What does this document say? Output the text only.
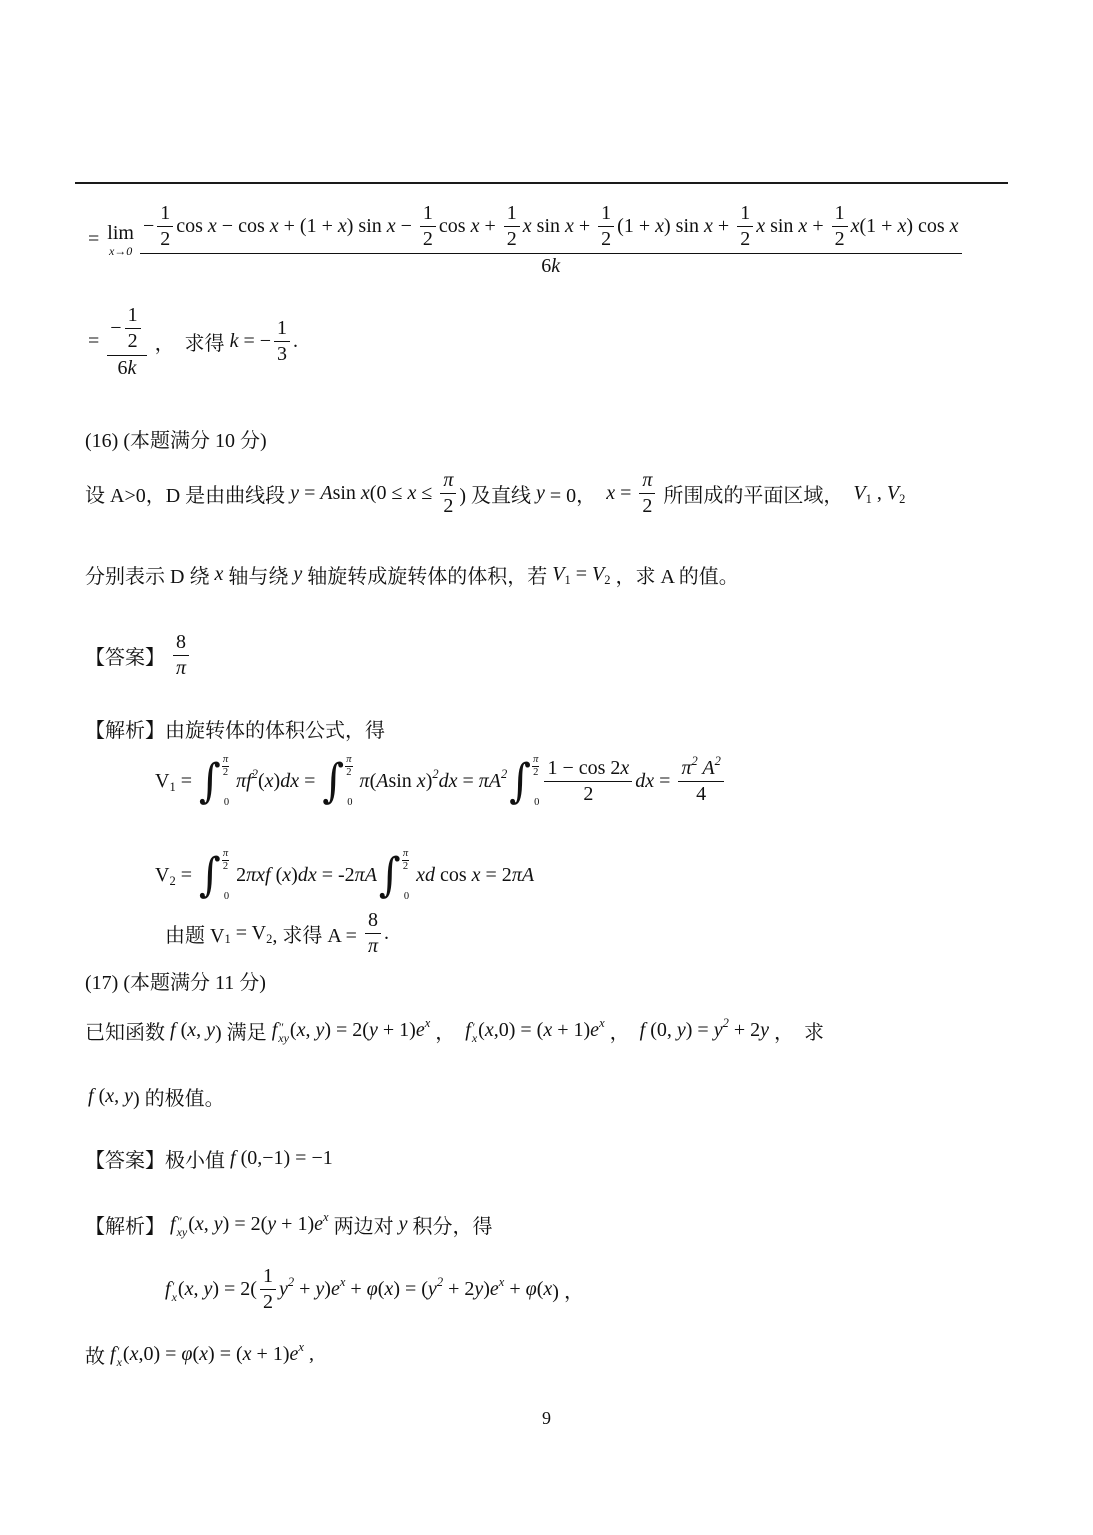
= lim
x→0
− $\frac{1}{2}$ cos x − cos x + (1 + x ) $\sin x - \frac{1}{2}$ $\cos x + \frac{1}{2}$ x $\sin x + \frac{1}{2} (1 + x$ ) $\sin x + \frac{1}{2}$ x $\sin x + \frac{1}{2}$ x (1 + x ) cos x
6 k
= $\frac{- \frac{1}{2}}{6 k}$ ，  求得 k = − $\frac{1}{3}$ .
(16) (本题满分 10 分)
设 A>0，D 是由曲线段 y = A sin x ($0 \le x \le \frac{\pi}{2}$ ) 及直线 y = 0， $x = \frac{\pi}{2}$ 所围成的平面区域， V 1 , V 2
分别表示 D 绕 x 轴与绕 y 轴旋转成旋转体的体积，若 V 1 = V 2 ，求 A 的值。
【答案】 $\frac{8}{\pi}$
【解析】由旋转体的体积公式，得
V 1 = ∫ $\frac{\pi}{2}$
0
πf 2 ( x ) dx = ∫ $\frac{\pi}{2}$
0
π ( A sin x ) 2 dx = πA 2 ∫ $\frac{\pi}{2}$
$0 \frac{1 - \cos 2 x}{2}$ dx = $\frac{\pi 2 A 2}{4}$
V 2 = ∫ $\frac{\pi}{2}$
0
2 πxf ( x ) dx = -2 πA ∫ $\frac{\pi}{2}$
0
xd cos x = 2 πA
由题 V 1 = V 2 , 求得 $A = \frac{8}{\pi}$ .
(17) (本题满分 11 分)
已知函数 f ( x , y ) 满足 f ″
xy ( x , y ) = 2( y + 1) e x ， f ′
x ( x ,0) = ( x + 1) e x ， f (0, y ) = y 2 + 2 y ，  求
f ( x , y ) 的极值。
【答案】极小值 f (0,−1) = −1
【解析】 f ″
xy ( x , y ) = 2( y + 1) e x 两边对 y 积分，得
f ′
x ( x , y ) = $2( \frac{1}{2}$ y 2 + y ) e x + φ ( x ) = ( y 2 + 2 y ) e x + φ ( x ) ，
故 f ′
x ( x ,0) = φ ( x ) = ( x + 1) e x ,
9
